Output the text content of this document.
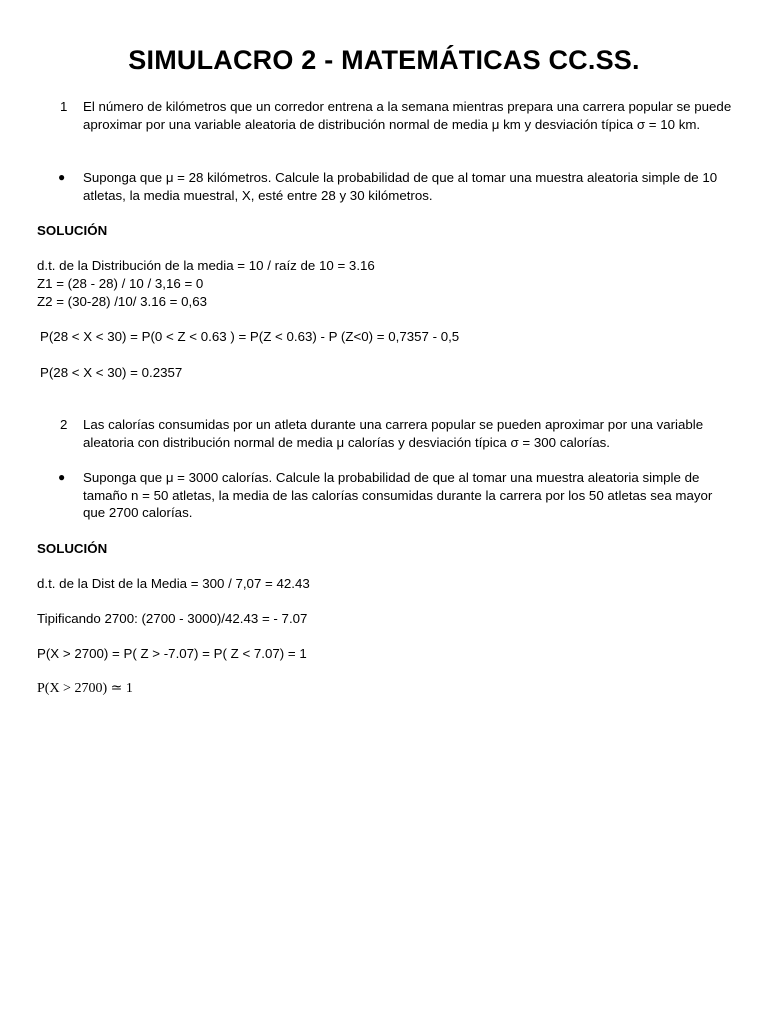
SIMULACRO 2 - MATEMÁTICAS CC.SS.
1 El número de kilómetros que un corredor entrena a la semana mientras prepara una carrera popular se puede aproximar por una variable aleatoria de distribución normal de media μ km y desviación típica σ = 10 km.
● Suponga que μ = 28 kilómetros. Calcule la probabilidad de que al tomar una muestra aleatoria simple de 10 atletas, la media muestral, X, esté entre 28 y 30 kilómetros.
SOLUCIÓN
d.t. de la Distribución de la media = 10 / raíz de 10 = 3.16
Z1 = (28 - 28) / 10 / 3,16 = 0
Z2 = (30-28) /10/ 3.16 = 0,63
P(28 < X < 30) = P(0 < Z < 0.63 ) = P(Z < 0.63) - P (Z<0) = 0,7357 - 0,5
P(28 < X < 30) = 0.2357
2 Las calorías consumidas por un atleta durante una carrera popular se pueden aproximar por una variable aleatoria con distribución normal de media μ calorías y desviación típica σ = 300 calorías.
● Suponga que μ = 3000 calorías. Calcule la probabilidad de que al tomar una muestra aleatoria simple de tamaño n = 50 atletas, la media de las calorías consumidas durante la carrera por los 50 atletas sea mayor que 2700 calorías.
SOLUCIÓN
d.t. de la Dist de la Media = 300 / 7,07 = 42.43
Tipificando 2700: (2700 - 3000)/42.43 = - 7.07
P(X > 2700) = P( Z > -7.07) = P( Z < 7.07) = 1
P(X > 2700) ≃ 1
